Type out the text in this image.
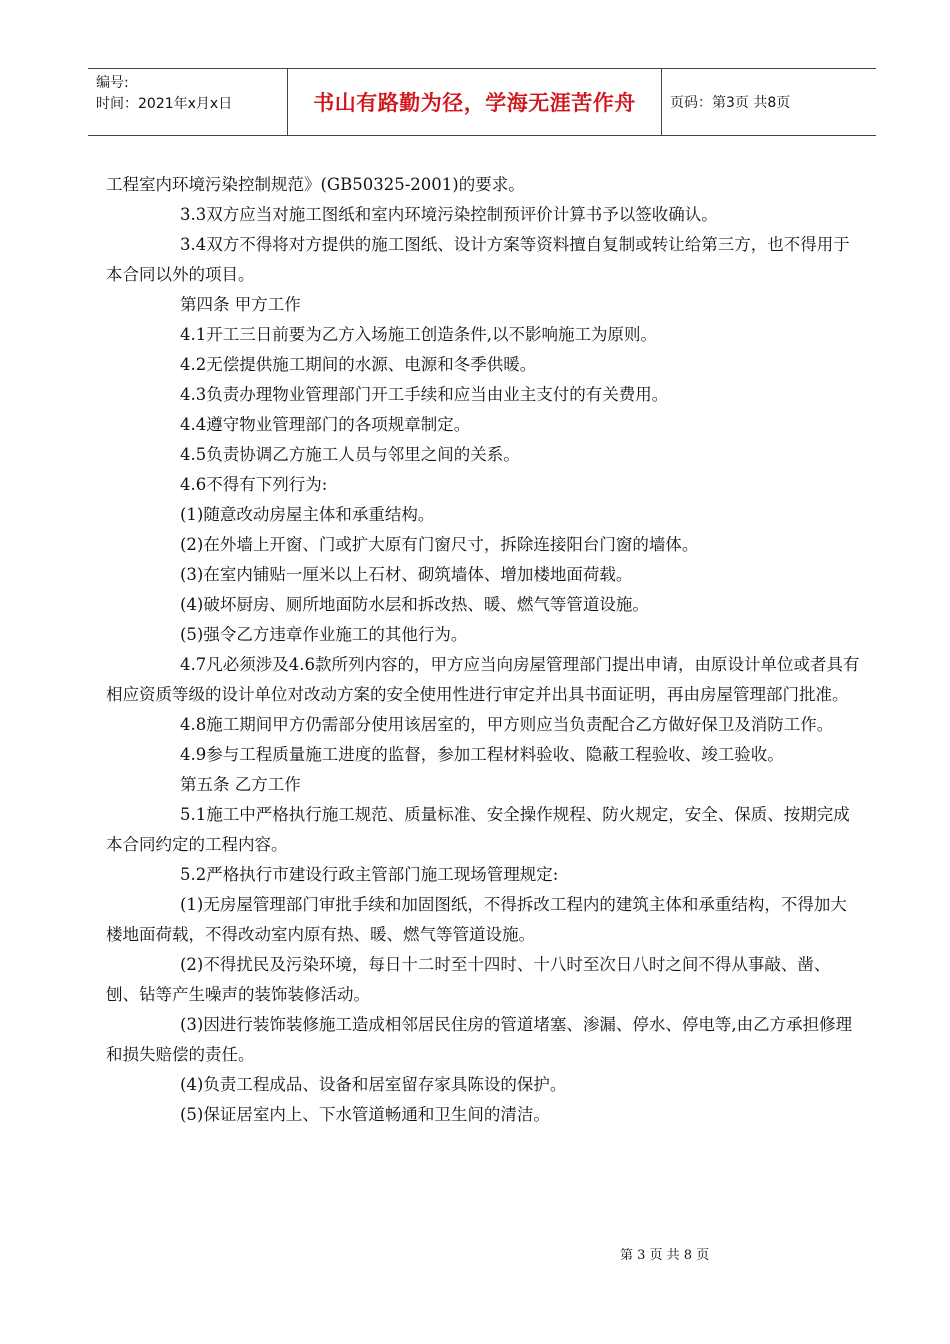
编号:
时间：2021年x月x日	书山有路勤为径，学海无涯苦作舟	页码：第3页 共8页

工程室内环境污染控制规范》(GB50325-2001)的要求。

3.3双方应当对施工图纸和室内环境污染控制预评价计算书予以签收确认。

3.4双方不得将对方提供的施工图纸、设计方案等资料擅自复制或转让给第三方，也不得用于本合同以外的项目。

第四条 甲方工作

4.1开工三日前要为乙方入场施工创造条件,以不影响施工为原则。

4.2无偿提供施工期间的水源、电源和冬季供暖。

4.3负责办理物业管理部门开工手续和应当由业主支付的有关费用。

4.4遵守物业管理部门的各项规章制定。

4.5负责协调乙方施工人员与邻里之间的关系。

4.6不得有下列行为:

(1)随意改动房屋主体和承重结构。

(2)在外墙上开窗、门或扩大原有门窗尺寸，拆除连接阳台门窗的墙体。

(3)在室内铺贴一厘米以上石材、砌筑墙体、增加楼地面荷载。

(4)破坏厨房、厕所地面防水层和拆改热、暖、燃气等管道设施。

(5)强令乙方违章作业施工的其他行为。

4.7凡必须涉及4.6款所列内容的，甲方应当向房屋管理部门提出申请，由原设计单位或者具有相应资质等级的设计单位对改动方案的安全使用性进行审定并出具书面证明，再由房屋管理部门批准。

4.8施工期间甲方仍需部分使用该居室的，甲方则应当负责配合乙方做好保卫及消防工作。

4.9参与工程质量施工进度的监督，参加工程材料验收、隐蔽工程验收、竣工验收。

第五条 乙方工作

5.1施工中严格执行施工规范、质量标准、安全操作规程、防火规定，安全、保质、按期完成本合同约定的工程内容。

5.2严格执行市建设行政主管部门施工现场管理规定:

(1)无房屋管理部门审批手续和加固图纸，不得拆改工程内的建筑主体和承重结构，不得加大楼地面荷载，不得改动室内原有热、暖、燃气等管道设施。

(2)不得扰民及污染环境，每日十二时至十四时、十八时至次日八时之间不得从事敲、凿、刨、钻等产生噪声的装饰装修活动。

(3)因进行装饰装修施工造成相邻居民住房的管道堵塞、渗漏、停水、停电等,由乙方承担修理和损失赔偿的责任。

(4)负责工程成品、设备和居室留存家具陈设的保护。

(5)保证居室内上、下水管道畅通和卫生间的清洁。

第 3 页 共 8 页
